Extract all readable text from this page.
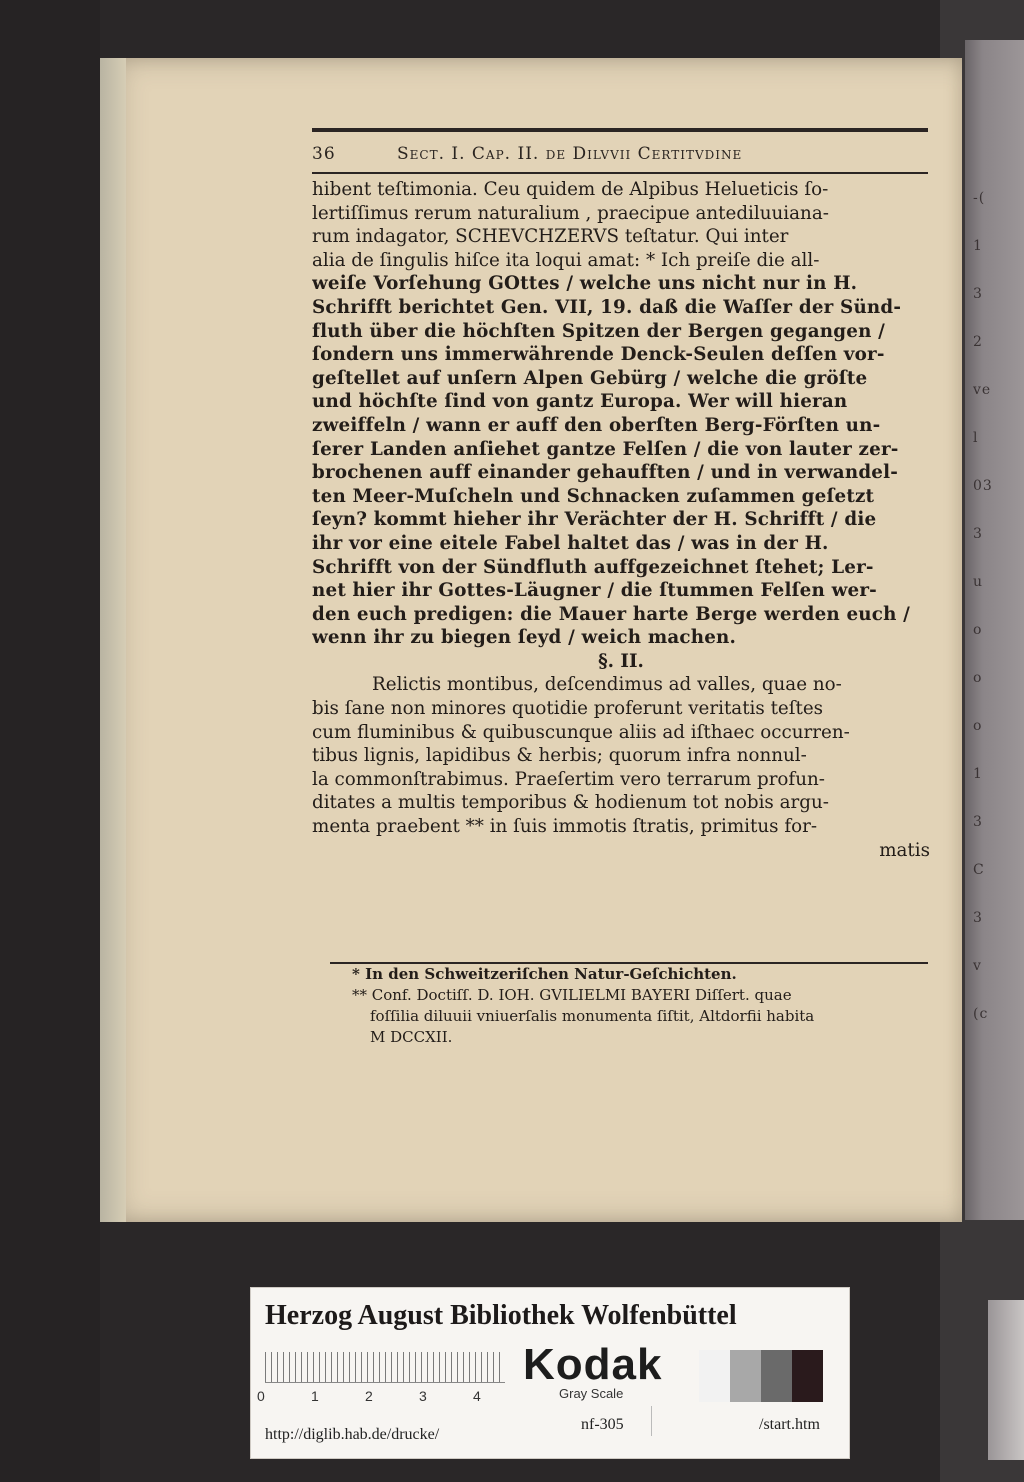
-(
1
3
2
ve
l
03
3
u
o
o
o
1
3
C
3
v
(c
36	Sect. I. Cap. II. de Dilvvii Certitvdine
hibent teſtimonia. Ceu quidem de Alpibus Helueticis ſo-
lertiſſimus rerum naturalium , praecipue antediluuiana-
rum indagator, SCHEVCHZERVS teſtatur. Qui inter
alia de ſingulis hiſce ita loqui amat: * Ich preiſe die all-
weiſe Vorſehung GOttes / welche uns nicht nur in H.
Schrifft berichtet Gen. VII, 19. daß die Waſſer der Sünd-
fluth über die höchſten Spitzen der Bergen gegangen /
ſondern uns immerwährende Denck-Seulen deſſen vor-
geſtellet auf unſern Alpen Gebürg / welche die gröſte
und höchſte ſind von gantz Europa. Wer will hieran
zweiffeln / wann er auff den oberſten Berg-Förſten un-
ſerer Landen anſiehet gantze Felſen / die von lauter zer-
brochenen auff einander gehaufften / und in verwandel-
ten Meer-Muſcheln und Schnacken zuſammen geſetzt
ſeyn? kommt hieher ihr Verächter der H. Schrifft / die
ihr vor eine eitele Fabel haltet das / was in der H.
Schrifft von der Sündfluth auffgezeichnet ſtehet; Ler-
net hier ihr Gottes-Läugner / die ſtummen Felſen wer-
den euch predigen: die Mauer harte Berge werden euch /
wenn ihr zu biegen ſeyd / weich machen.
§. II.
Relictis montibus, deſcendimus ad valles, quae no-
bis ſane non minores quotidie proferunt veritatis teſtes
cum fluminibus & quibuscunque aliis ad iſthaec occurren-
tibus lignis, lapidibus & herbis; quorum infra nonnul-
la commonſtrabimus. Praeſertim vero terrarum profun-
ditates a multis temporibus & hodienum tot nobis argu-
menta praebent ** in ſuis immotis ſtratis, primitus for-
matis
* In den Schweitzeriſchen Natur-Geſchichten.
** Conf. Doctiſſ. D. IOH. GVILIELMI BAYERI Diſſert. quae
foſſilia diluuii vniuerſalis monumenta ſiſtit, Altdorfii habita
M DCCXII.
Herzog August Bibliothek Wolfenbüttel
0	1	2	3	4
Kodak
Gray Scale
http://diglib.hab.de/drucke/
nf-305	/start.htm
